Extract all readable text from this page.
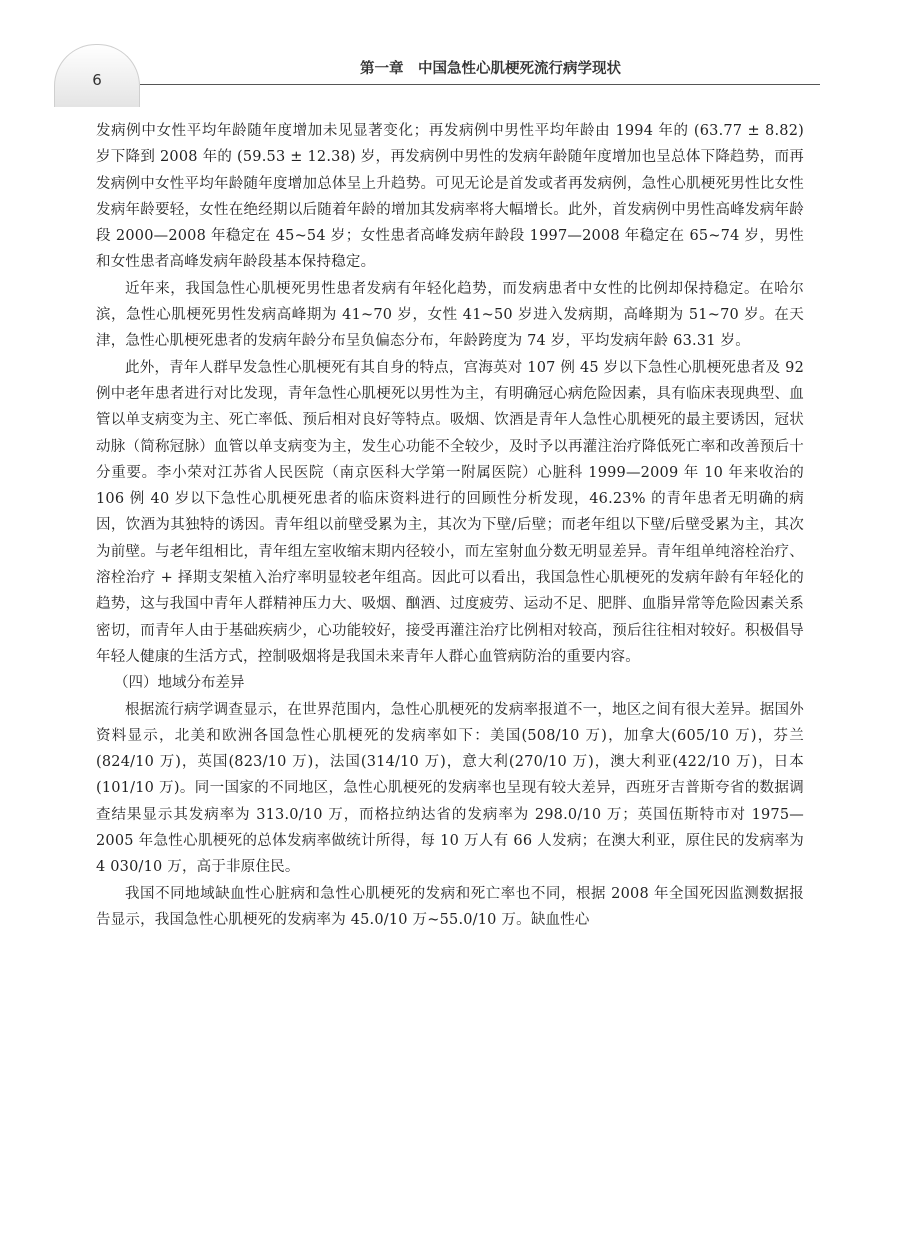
6
第一章　中国急性心肌梗死流行病学现状

发病例中女性平均年龄随年度增加未见显著变化；再发病例中男性平均年龄由 1994 年的 (63.77 ± 8.82) 岁下降到 2008 年的 (59.53 ± 12.38) 岁，再发病例中男性的发病年龄随年度增加也呈总体下降趋势，而再发病例中女性平均年龄随年度增加总体呈上升趋势。可见无论是首发或者再发病例，急性心肌梗死男性比女性发病年龄要轻，女性在绝经期以后随着年龄的增加其发病率将大幅增长。此外，首发病例中男性高峰发病年龄段 2000—2008 年稳定在 45~54 岁；女性患者高峰发病年龄段 1997—2008 年稳定在 65~74 岁，男性和女性患者高峰发病年龄段基本保持稳定。

近年来，我国急性心肌梗死男性患者发病有年轻化趋势，而发病患者中女性的比例却保持稳定。在哈尔滨，急性心肌梗死男性发病高峰期为 41~70 岁，女性 41~50 岁进入发病期，高峰期为 51~70 岁。在天津，急性心肌梗死患者的发病年龄分布呈负偏态分布，年龄跨度为 74 岁，平均发病年龄 63.31 岁。

此外，青年人群早发急性心肌梗死有其自身的特点，宫海英对 107 例 45 岁以下急性心肌梗死患者及 92 例中老年患者进行对比发现，青年急性心肌梗死以男性为主，有明确冠心病危险因素，具有临床表现典型、血管以单支病变为主、死亡率低、预后相对良好等特点。吸烟、饮酒是青年人急性心肌梗死的最主要诱因，冠状动脉（简称冠脉）血管以单支病变为主，发生心功能不全较少，及时予以再灌注治疗降低死亡率和改善预后十分重要。李小荣对江苏省人民医院（南京医科大学第一附属医院）心脏科 1999—2009 年 10 年来收治的 106 例 40 岁以下急性心肌梗死患者的临床资料进行的回顾性分析发现，46.23% 的青年患者无明确的病因，饮酒为其独特的诱因。青年组以前壁受累为主，其次为下壁/后壁；而老年组以下壁/后壁受累为主，其次为前壁。与老年组相比，青年组左室收缩末期内径较小，而左室射血分数无明显差异。青年组单纯溶栓治疗、溶栓治疗 + 择期支架植入治疗率明显较老年组高。因此可以看出，我国急性心肌梗死的发病年龄有年轻化的趋势，这与我国中青年人群精神压力大、吸烟、酗酒、过度疲劳、运动不足、肥胖、血脂异常等危险因素关系密切，而青年人由于基础疾病少，心功能较好，接受再灌注治疗比例相对较高，预后往往相对较好。积极倡导年轻人健康的生活方式，控制吸烟将是我国未来青年人群心血管病防治的重要内容。

（四）地域分布差异

根据流行病学调查显示，在世界范围内，急性心肌梗死的发病率报道不一，地区之间有很大差异。据国外资料显示，北美和欧洲各国急性心肌梗死的发病率如下：美国(508/10 万)，加拿大(605/10 万)，芬兰(824/10 万)，英国(823/10 万)，法国(314/10 万)，意大利(270/10 万)，澳大利亚(422/10 万)，日本(101/10 万)。同一国家的不同地区，急性心肌梗死的发病率也呈现有较大差异，西班牙吉普斯夸省的数据调查结果显示其发病率为 313.0/10 万，而格拉纳达省的发病率为 298.0/10 万；英国伍斯特市对 1975—2005 年急性心肌梗死的总体发病率做统计所得，每 10 万人有 66 人发病；在澳大利亚，原住民的发病率为 4 030/10 万，高于非原住民。

我国不同地域缺血性心脏病和急性心肌梗死的发病和死亡率也不同，根据 2008 年全国死因监测数据报告显示，我国急性心肌梗死的发病率为 45.0/10 万~55.0/10 万。缺血性心
